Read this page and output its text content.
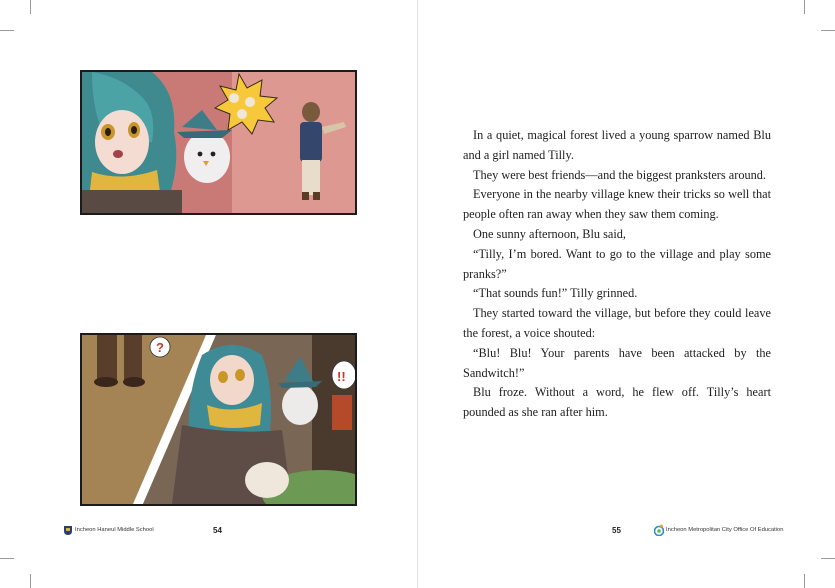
?
!!
Incheon Haneul Middle School	54

In a quiet, magical forest lived a young sparrow named Blu and a girl named Tilly.

They were best friends—and the biggest pranksters around.

Everyone in the nearby village knew their tricks so well that people often ran away when they saw them coming.

One sunny afternoon, Blu said,

“Tilly, I’m bored. Want to go to the village and play some pranks?”

“That sounds fun!” Tilly grinned.

They started toward the village, but before they could leave the forest, a voice shouted:

“Blu! Blu! Your parents have been attacked by the Sandwitch!”

Blu froze. Without a word, he flew off. Tilly’s heart pounded as she ran after him.

55	Incheon Metropolitan City Office Of Education
